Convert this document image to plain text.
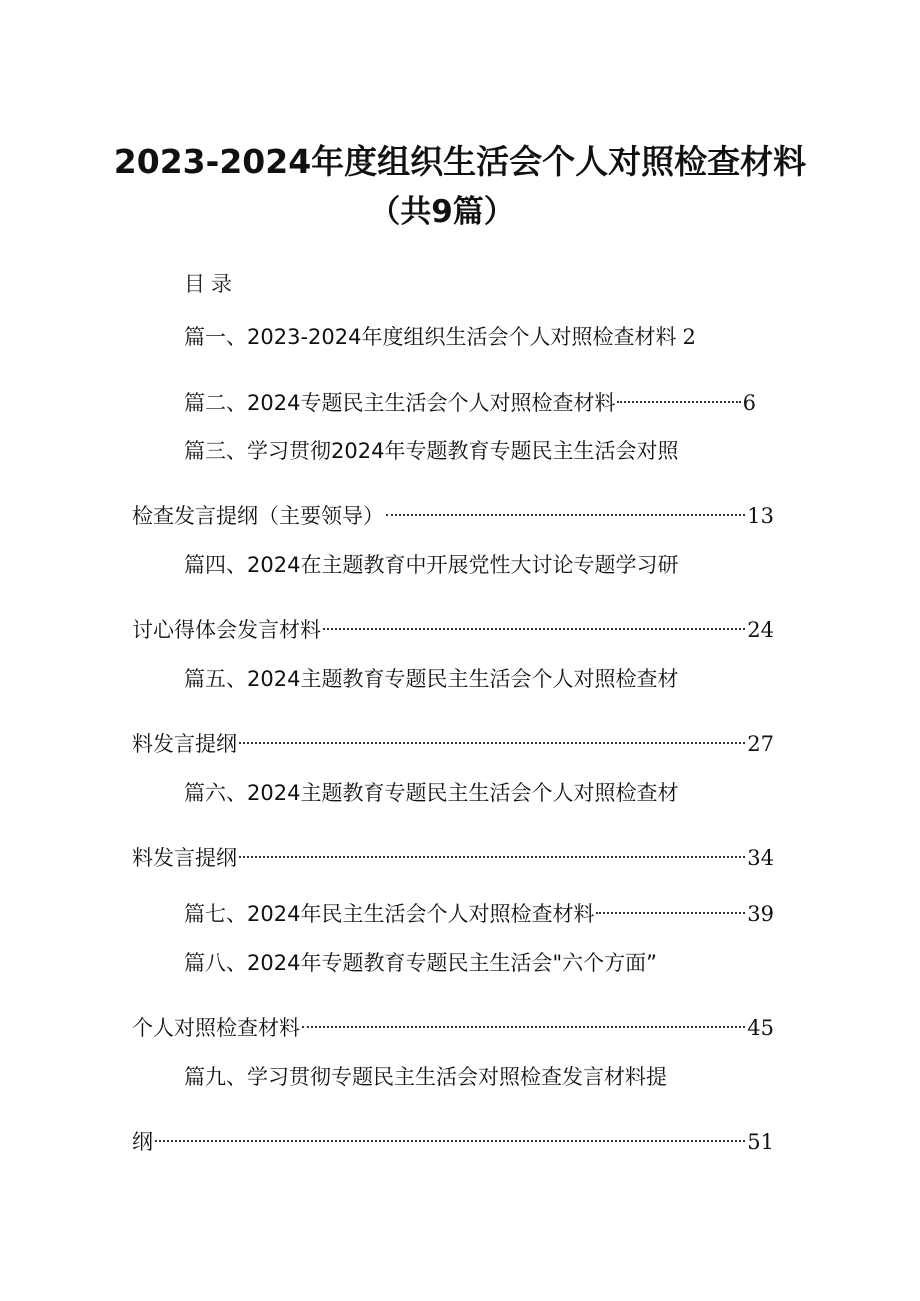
2023-2024年度组织生活会个人对照检查材料
（共9篇）
目录
篇一、2023-2024年度组织生活会个人对照检查材料 2
篇二、2024专题民主生活会个人对照检查材料	6
篇三、学习贯彻2024年专题教育专题民主生活会对照
检查发言提纲（主要领导）	13
篇四、2024在主题教育中开展党性大讨论专题学习研
讨心得体会发言材料	24
篇五、2024主题教育专题民主生活会个人对照检查材
料发言提纲	27
篇六、2024主题教育专题民主生活会个人对照检查材
料发言提纲	34
篇七、2024年民主生活会个人对照检查材料	39
篇八、2024年专题教育专题民主生活会"六个方面”
个人对照检查材料	45
篇九、学习贯彻专题民主生活会对照检查发言材料提
纲	51
